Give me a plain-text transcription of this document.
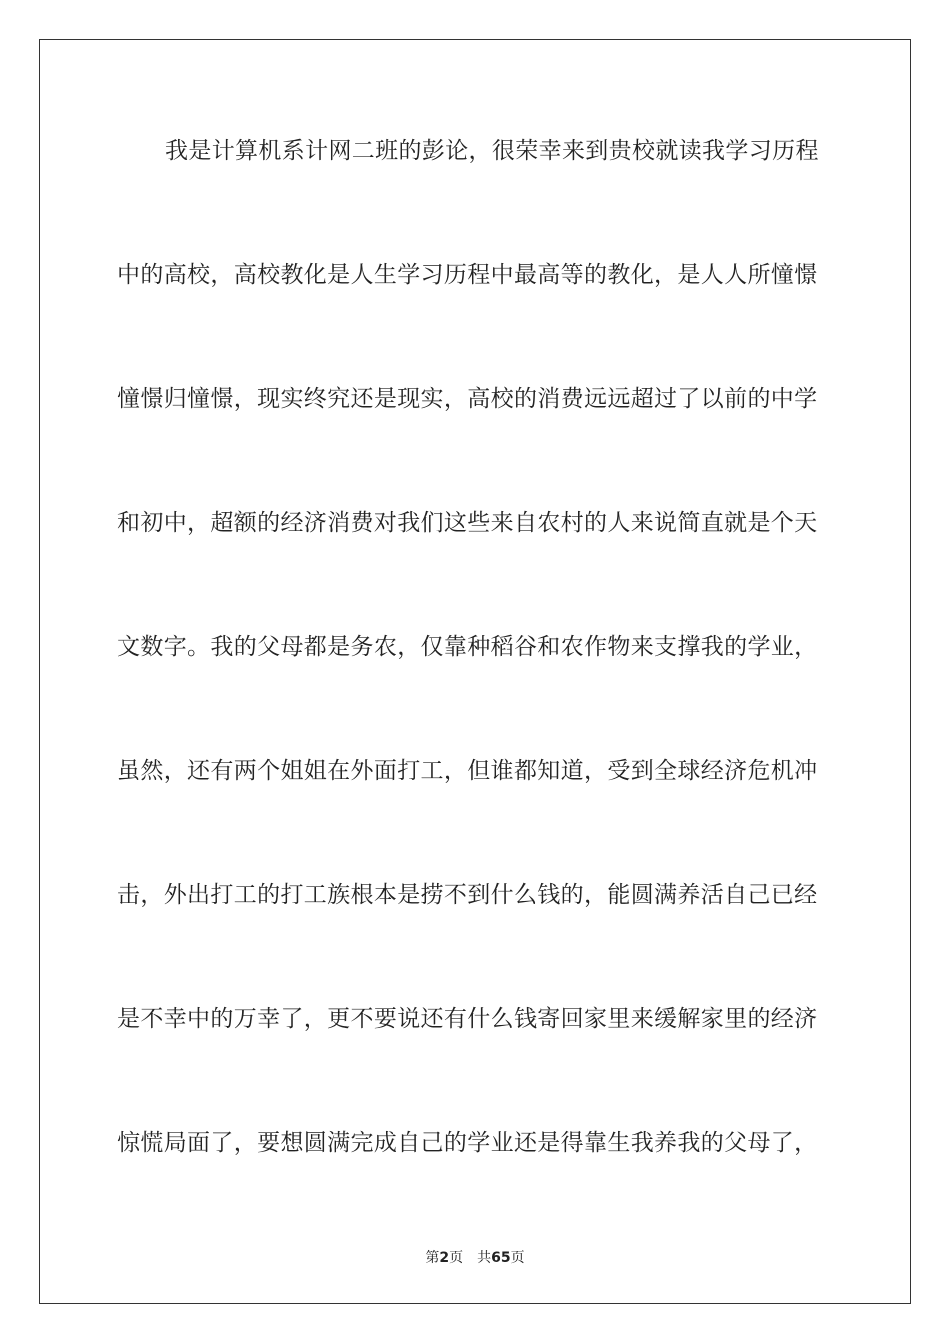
我是计算机系计网二班的彭论，很荣幸来到贵校就读我学习历程
中的高校，高校教化是人生学习历程中最高等的教化，是人人所憧憬
憧憬归憧憬，现实终究还是现实，高校的消费远远超过了以前的中学
和初中，超额的经济消费对我们这些来自农村的人来说简直就是个天
文数字。我的父母都是务农，仅靠种稻谷和农作物来支撑我的学业，
虽然，还有两个姐姐在外面打工，但谁都知道，受到全球经济危机冲
击，外出打工的打工族根本是捞不到什么钱的，能圆满养活自己已经
是不幸中的万幸了，更不要说还有什么钱寄回家里来缓解家里的经济
惊慌局面了，要想圆满完成自己的学业还是得靠生我养我的父母了，
第2页 共65页
